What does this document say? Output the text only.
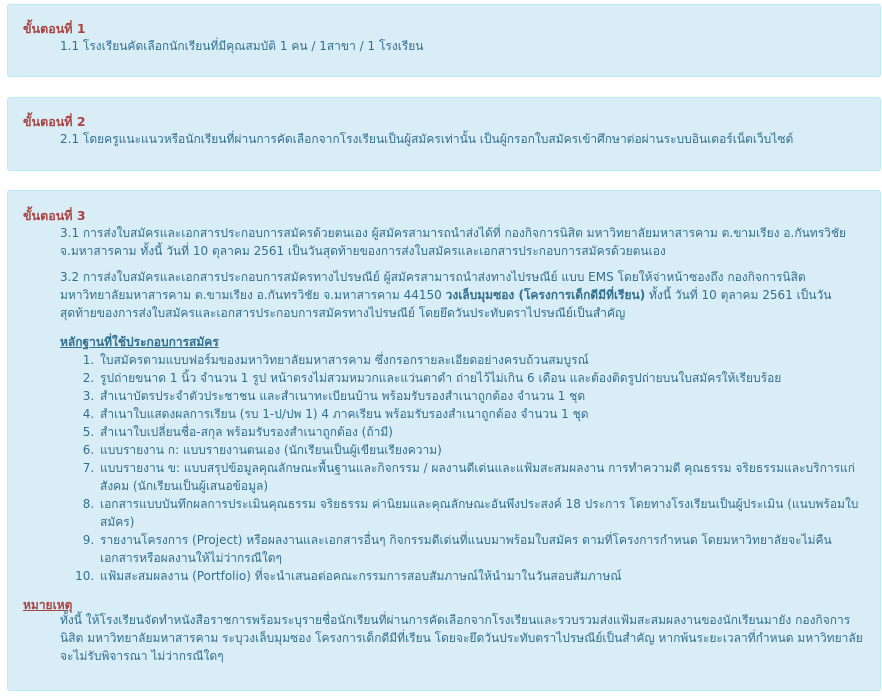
ขั้นตอนที่ 1

1.1 โรงเรียนคัดเลือกนักเรียนที่มีคุณสมบัติ 1 คน / 1สาขา / 1 โรงเรียน

ขั้นตอนที่ 2

2.1 โดยครูแนะแนวหรือนักเรียนที่ผ่านการคัดเลือกจากโรงเรียนเป็นผู้สมัครเท่านั้น เป็นผู้กรอกใบสมัครเข้าศึกษาต่อผ่านระบบอินเตอร์เน็ตเว็บไซต์

ขั้นตอนที่ 3

3.1 การส่งใบสมัครและเอกสารประกอบการสมัครด้วยตนเอง ผู้สมัครสามารถนำส่งได้ที่ กองกิจการนิสิต มหาวิทยาลัยมหาสารคาม ต.ขามเรียง อ.กันทรวิชัย จ.มหาสารคาม ทั้งนี้ วันที่ 10 ตุลาคม 2561 เป็นวันสุดท้ายของการส่งใบสมัครและเอกสารประกอบการสมัครด้วยตนเอง

3.2 การส่งใบสมัครและเอกสารประกอบการสมัครทางไปรษณีย์ ผู้สมัครสามารถนำส่งทางไปรษณีย์ แบบ EMS โดยให้จ่าหน้าซองถึง กองกิจการนิสิต มหาวิทยาลัยมหาสารคาม ต.ขามเรียง อ.กันทรวิชัย จ.มหาสารคาม 44150 วงเล็บมุมซอง (โครงการเด็กดีมีที่เรียน) ทั้งนี้ วันที่ 10 ตุลาคม 2561 เป็นวันสุดท้ายของการส่งใบสมัครและเอกสารประกอบการสมัครทางไปรษณีย์ โดยยึดวันประทับตราไปรษณีย์เป็นสำคัญ

หลักฐานที่ใช้ประกอบการสมัคร
1. ใบสมัครตามแบบฟอร์มของมหาวิทยาลัยมหาสารคาม ซึ่งกรอกรายละเอียดอย่างครบถ้วนสมบูรณ์
2. รูปถ่ายขนาด 1 นิ้ว จำนวน 1 รูป หน้าตรงไม่สวมหมวกและแว่นตาดำ ถ่ายไว้ไม่เกิน 6 เดือน และต้องติดรูปถ่ายบนใบสมัครให้เรียบร้อย
3. สำเนาบัตรประจำตัวประชาชน และสำเนาทะเบียนบ้าน พร้อมรับรองสำเนาถูกต้อง จำนวน 1 ชุด
4. สำเนาใบแสดงผลการเรียน (รบ 1-ป/ปพ 1) 4 ภาคเรียน พร้อมรับรองสำเนาถูกต้อง จำนวน 1 ชุด
5. สำเนาใบเปลี่ยนชื่อ-สกุล พร้อมรับรองสำเนาถูกต้อง (ถ้ามี)
6. แบบรายงาน ก: แบบรายงานตนเอง (นักเรียนเป็นผู้เขียนเรียงความ)
7. แบบรายงาน ข: แบบสรุปข้อมูลคุณลักษณะพื้นฐานและกิจกรรม / ผลงานดีเด่นและแฟ้มสะสมผลงาน การทำความดี คุณธรรม จริยธรรมและบริการแก่สังคม (นักเรียนเป็นผู้เสนอข้อมูล)
8. เอกสารแบบบันทึกผลการประเมินคุณธรรม จริยธรรม ค่านิยมและคุณลักษณะอันพึงประสงค์ 18 ประการ โดยทางโรงเรียนเป็นผู้ประเมิน (แนบพร้อมใบสมัคร)
9. รายงานโครงการ (Project) หรือผลงานและเอกสารอื่นๆ กิจกรรมดีเด่นที่แนบมาพร้อมใบสมัคร ตามที่โครงการกำหนด โดยมหาวิทยาลัยจะไม่คืนเอกสารหรือผลงานให้ไม่ว่ากรณีใดๆ
10. แฟ้มสะสมผลงาน (Portfolio) ที่จะนำเสนอต่อคณะกรรมการสอบสัมภาษณ์ให้นำมาในวันสอบสัมภาษณ์
หมายเหตุ

ทั้งนี้ ให้โรงเรียนจัดทำหนังสือราชการพร้อมระบุรายชื่อนักเรียนที่ผ่านการคัดเลือกจากโรงเรียนและรวบรวมส่งแฟ้มสะสมผลงานของนักเรียนมายัง กองกิจการนิสิต มหาวิทยาลัยมหาสารคาม ระบุวงเล็บมุมซอง โครงการเด็กดีมีที่เรียน โดยจะยึดวันประทับตราไปรษณีย์เป็นสำคัญ หากพ้นระยะเวลาที่กำหนด มหาวิทยาลัยจะไม่รับพิจารณา ไม่ว่ากรณีใดๆ
